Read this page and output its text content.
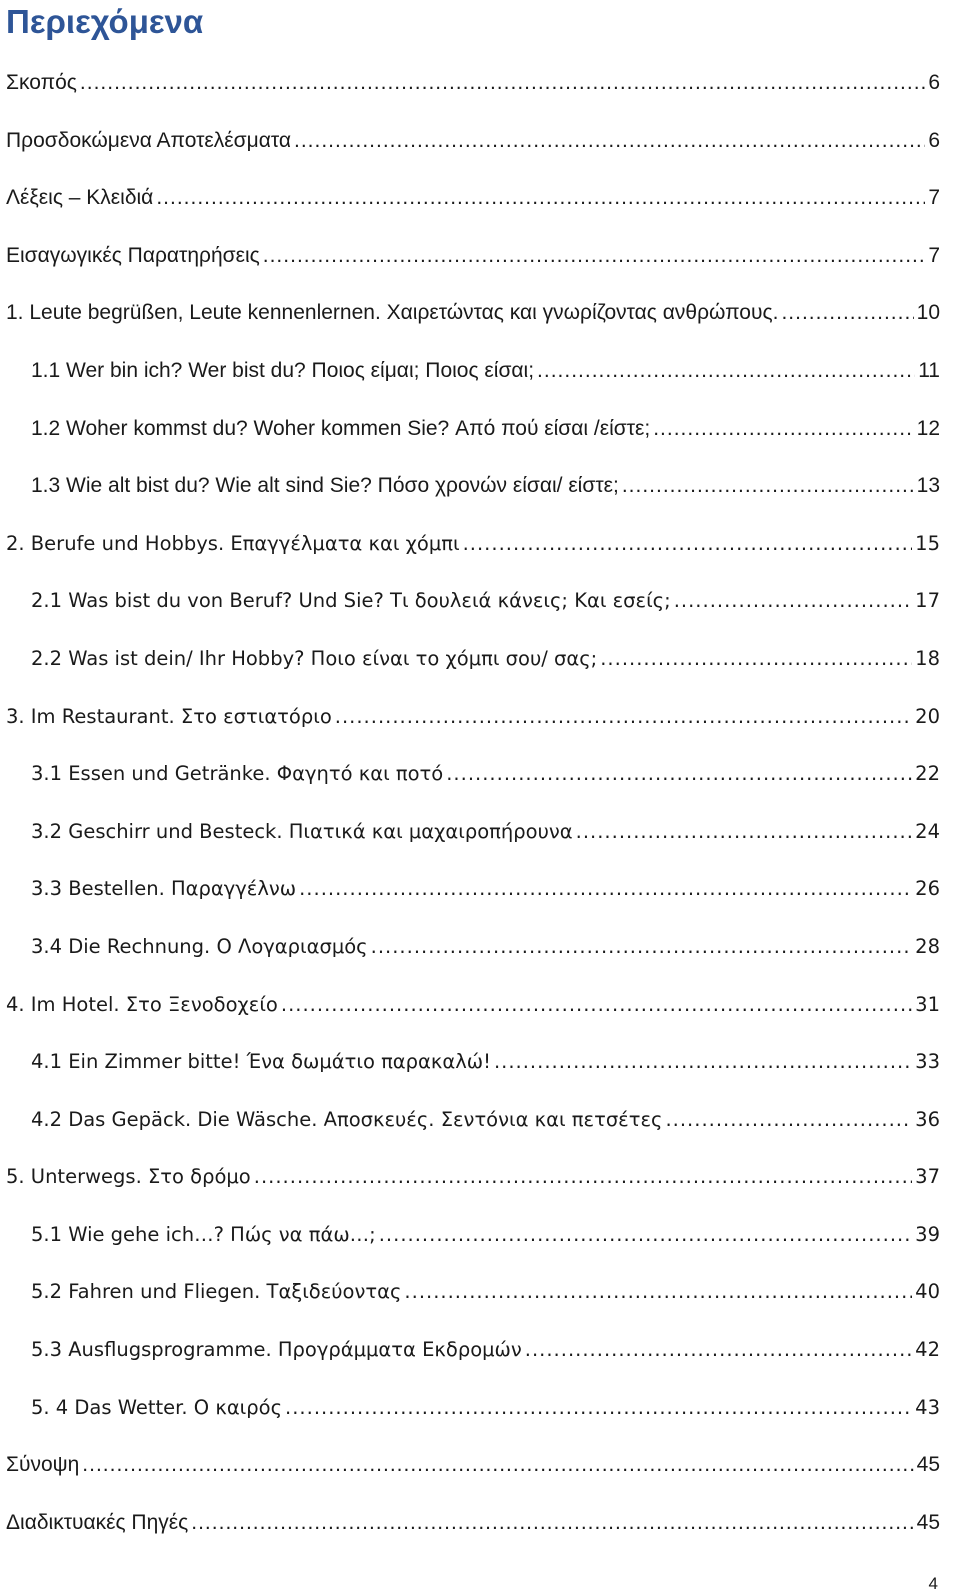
Περιεχόμενα
Σκοπός .....	6
Προσδοκώμενα Αποτελέσματα .....	6
Λέξεις – Κλειδιά .....	7
Εισαγωγικές Παρατηρήσεις .....	7
1. Leute begrüßen, Leute kennenlernen. Χαιρετώντας και γνωρίζοντας ανθρώπους. .....	10
1.1 Wer bin ich? Wer bist du? Ποιος είμαι; Ποιος είσαι; .....	11
1.2 Woher kommst du? Woher kommen Sie? Από πού είσαι /είστε; .....	12
1.3 Wie alt bist du? Wie alt sind Sie? Πόσο χρονών είσαι/ είστε; .....	13
2. Berufe und Hobbys. Επαγγέλματα και χόμπι .....	15
2.1 Was bist du von Beruf? Und Sie? Τι δουλειά κάνεις; Και εσείς; .....	17
2.2 Was ist dein/ Ihr Hobby? Ποιο είναι το χόμπι σου/ σας; .....	18
3. Im Restaurant. Στο εστιατόριο .....	20
3.1 Essen und Getränke. Φαγητό και ποτό .....	22
3.2 Geschirr und Besteck. Πιατικά και μαχαιροπήρουνα .....	24
3.3 Bestellen. Παραγγέλνω .....	26
3.4 Die Rechnung. Ο Λογαριασμός .....	28
4. Im Hotel. Στο Ξενοδοχείο .....	31
4.1 Ein Zimmer bitte! Ένα δωμάτιο παρακαλώ! .....	33
4.2 Das Gepäck. Die Wäsche. Αποσκευές. Σεντόνια και πετσέτες .....	36
5. Unterwegs. Στο δρόμο .....	37
5.1 Wie gehe ich…? Πώς να πάω…; .....	39
5.2 Fahren und Fliegen. Ταξιδεύοντας .....	40
5.3 Ausflugsprogramme. Προγράμματα Εκδρομών .....	42
5. 4 Das Wetter. Ο καιρός .....	43
Σύνοψη .....	45
Διαδικτυακές Πηγές .....	45
4
